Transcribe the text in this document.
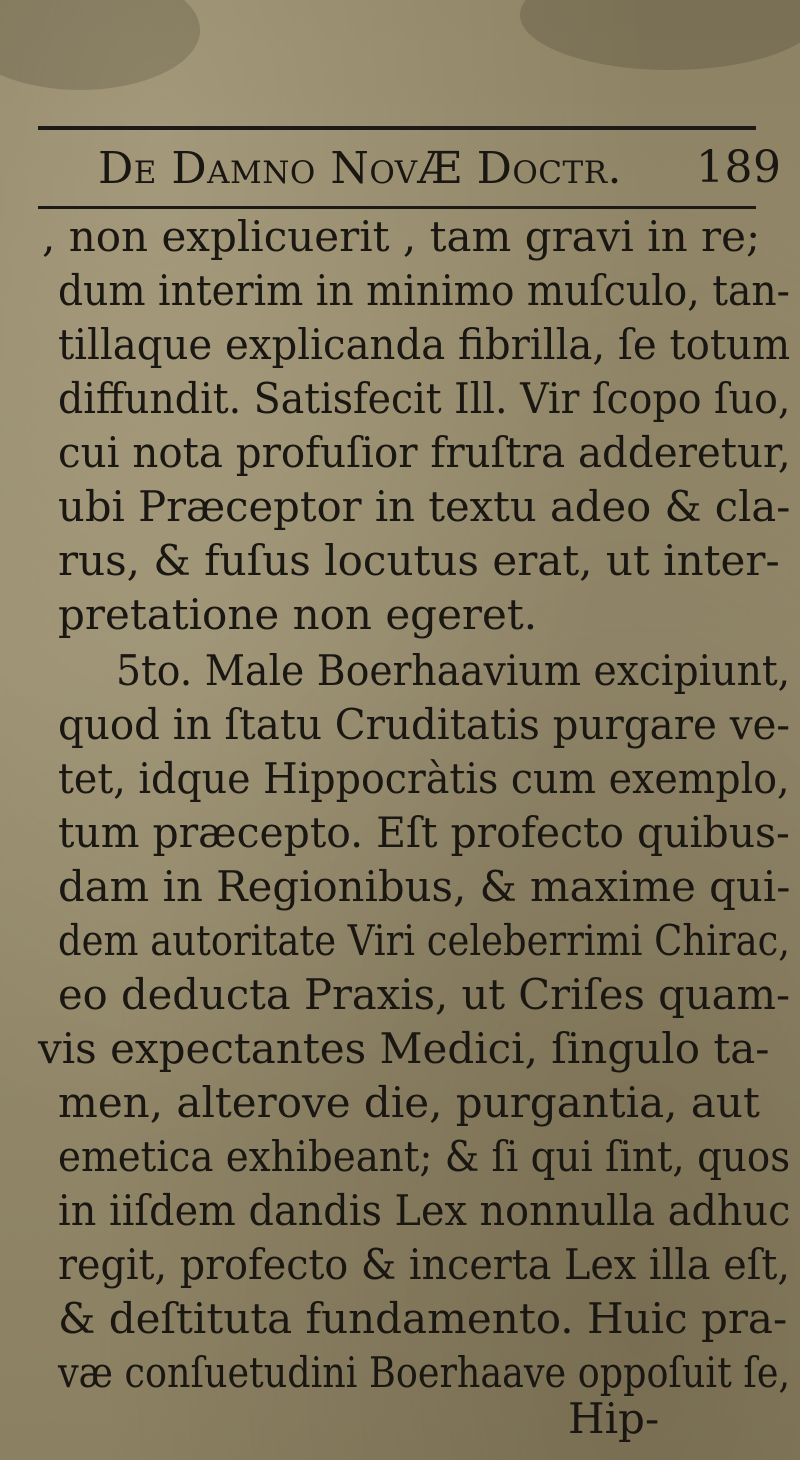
De Damno NovÆ Doctr. 189
, non explicuerit , tam gravi in re;
dum interim in minimo muſculo, tan-
tillaque explicanda fibrilla, ſe totum
diffundit. Satisfecit Ill. Vir ſcopo ſuo,
cui nota profuſior fruſtra adderetur,
ubi Præceptor in textu adeo & cla-
rus, & fuſus locutus erat, ut inter-
pretatione non egeret.
5to. Male Boerhaavium excipiunt,
quod in ſtatu Cruditatis purgare ve-
tet, idque Hippocràtis cum exemplo,
tum præcepto. Eſt profecto quibus-
dam in Regionibus, & maxime qui-
dem autoritate Viri celeberrimi Chirac,
eo deducta Praxis, ut Criſes quam-
vis expectantes Medici, ſingulo ta-
men, alterove die, purgantia, aut
emetica exhibeant; & ſi qui ſint, quos
in iiſdem dandis Lex nonnulla adhuc
regit, profecto & incerta Lex illa eſt,
& deſtituta fundamento. Huic pra-
væ conſuetudini Boerhaave oppoſuit ſe,
Hip-
